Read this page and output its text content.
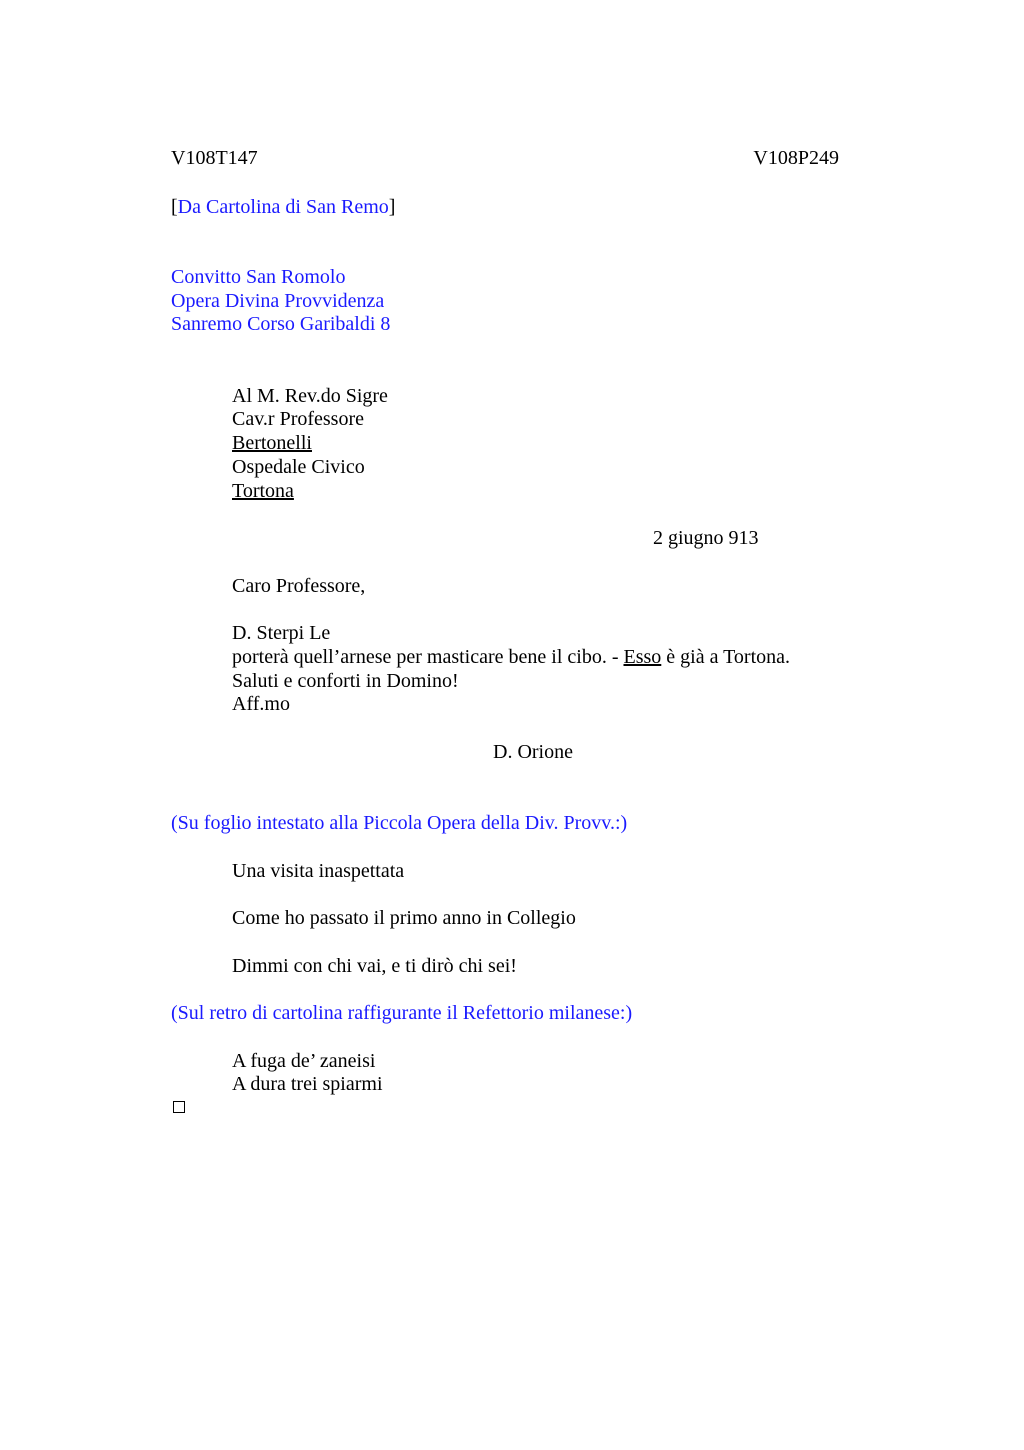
V108T147	V108P249
[Da Cartolina di San Remo]
Convitto San Romolo
Opera Divina Provvidenza
Sanremo Corso Garibaldi 8
Al M. Rev.do Sigre
Cav.r Professore
Bertonelli
Ospedale Civico
Tortona
2 giugno 913
Caro Professore,
D. Sterpi Le
porterà quell’arnese per masticare bene il cibo. - Esso è già a Tortona.
Saluti e conforti in Domino!
Aff.mo
D. Orione
(Su foglio intestato alla Piccola Opera della Div. Provv.:)
Una visita inaspettata
Come ho passato il primo anno in Collegio
Dimmi con chi vai, e ti dirò chi sei!
(Sul retro di cartolina raffigurante il Refettorio milanese:)
A fuga de’ zaneisi
A dura trei spiarmi
